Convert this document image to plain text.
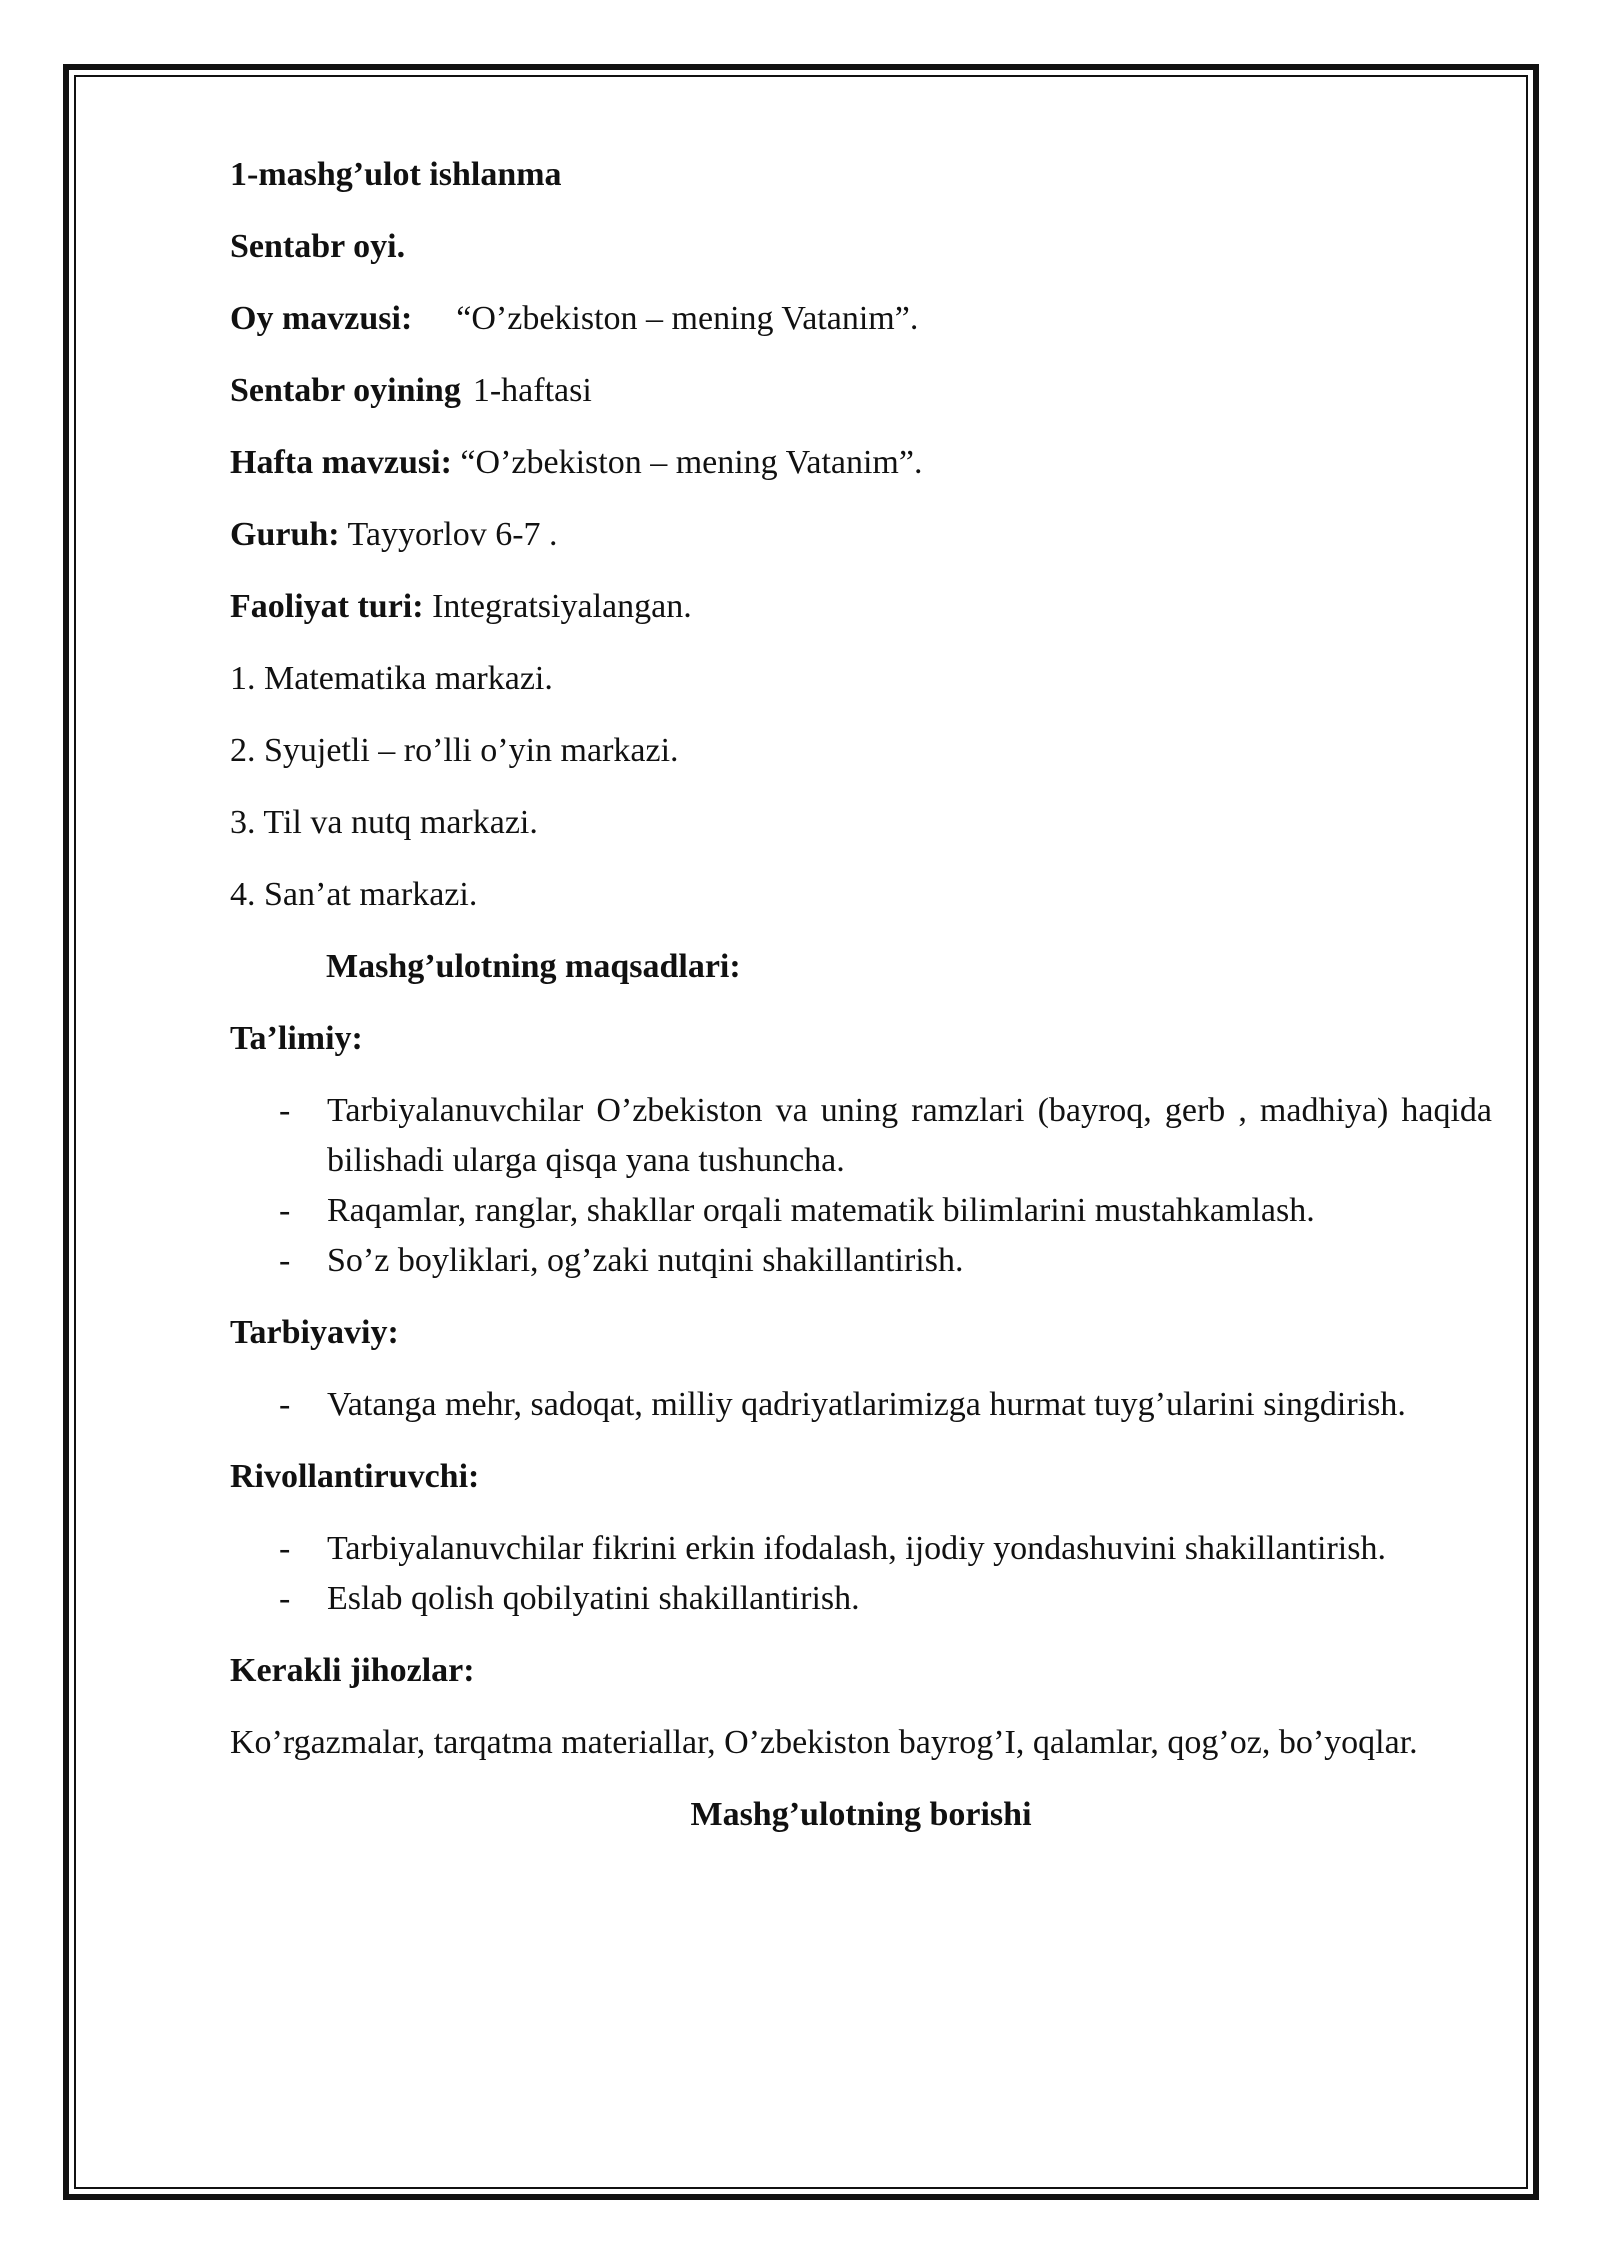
1-mashg’ulot ishlanma

Sentabr oyi.

Oy mavzusi: “O’zbekiston – mening Vatanim”.

Sentabr oyining 1-haftasi

Hafta mavzusi: “O’zbekiston – mening Vatanim”.

Guruh: Tayyorlov 6-7 .

Faoliyat turi: Integratsiyalangan.

1. Matematika markazi.

2. Syujetli – ro’lli o’yin markazi.

3. Til va nutq markazi.

4. San’at markazi.

Mashg’ulotning maqsadlari:

Ta’limiy:

- Tarbiyalanuvchilar O’zbekiston va uning ramzlari (bayroq, gerb , madhiya) haqida bilishadi ularga qisqa yana tushuncha.
- Raqamlar, ranglar, shakllar orqali matematik bilimlarini mustahkamlash.
- So’z boyliklari, og’zaki nutqini shakillantirish.

Tarbiyaviy:

- Vatanga mehr, sadoqat, milliy qadriyatlarimizga hurmat tuyg’ularini singdirish.

Rivollantiruvchi:

- Tarbiyalanuvchilar fikrini erkin ifodalash, ijodiy yondashuvini shakillantirish.
- Eslab qolish qobilyatini shakillantirish.

Kerakli jihozlar:

Ko’rgazmalar, tarqatma materiallar, O’zbekiston bayrog’I, qalamlar, qog’oz, bo’yoqlar.

Mashg’ulotning borishi
